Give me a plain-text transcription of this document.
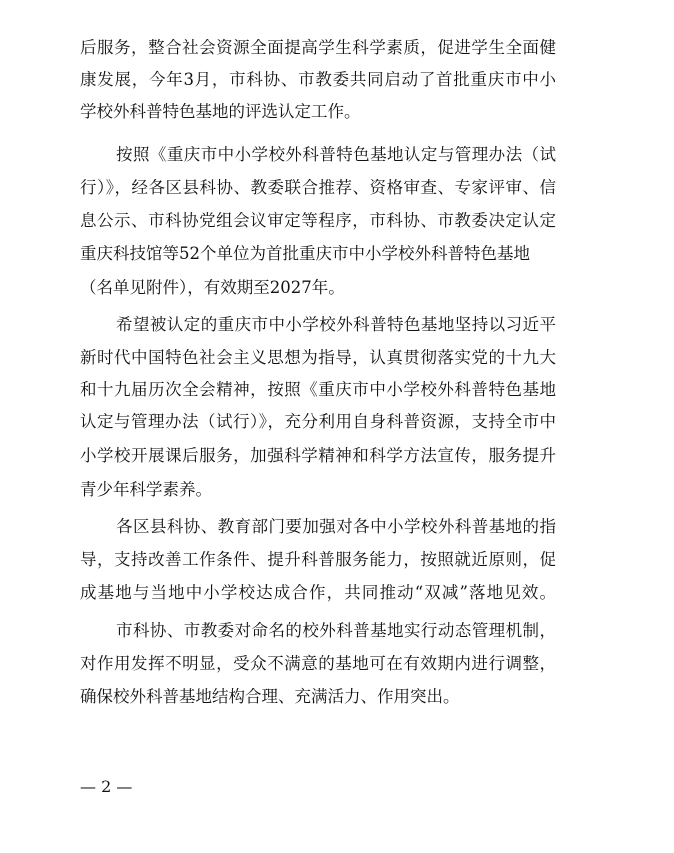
后服务，整合社会资源全面提高学生科学素质，促进学生全面健
康发展，今年3月，市科协、市教委共同启动了首批重庆市中小
学校外科普特色基地的评选认定工作。
按照《重庆市中小学校外科普特色基地认定与管理办法（试
行）》，经各区县科协、教委联合推荐、资格审查、专家评审、信
息公示、市科协党组会议审定等程序，市科协、市教委决定认定
重庆科技馆等52个单位为首批重庆市中小学校外科普特色基地
（名单见附件），有效期至2027年。
希望被认定的重庆市中小学校外科普特色基地坚持以习近平
新时代中国特色社会主义思想为指导，认真贯彻落实党的十九大
和十九届历次全会精神，按照《重庆市中小学校外科普特色基地
认定与管理办法（试行）》，充分利用自身科普资源，支持全市中
小学校开展课后服务，加强科学精神和科学方法宣传，服务提升
青少年科学素养。
各区县科协、教育部门要加强对各中小学校外科普基地的指
导，支持改善工作条件、提升科普服务能力，按照就近原则，促
成基地与当地中小学校达成合作，共同推动“双减”落地见效。
市科协、市教委对命名的校外科普基地实行动态管理机制，
对作用发挥不明显，受众不满意的基地可在有效期内进行调整，
确保校外科普基地结构合理、充满活力、作用突出。
— 2 —
